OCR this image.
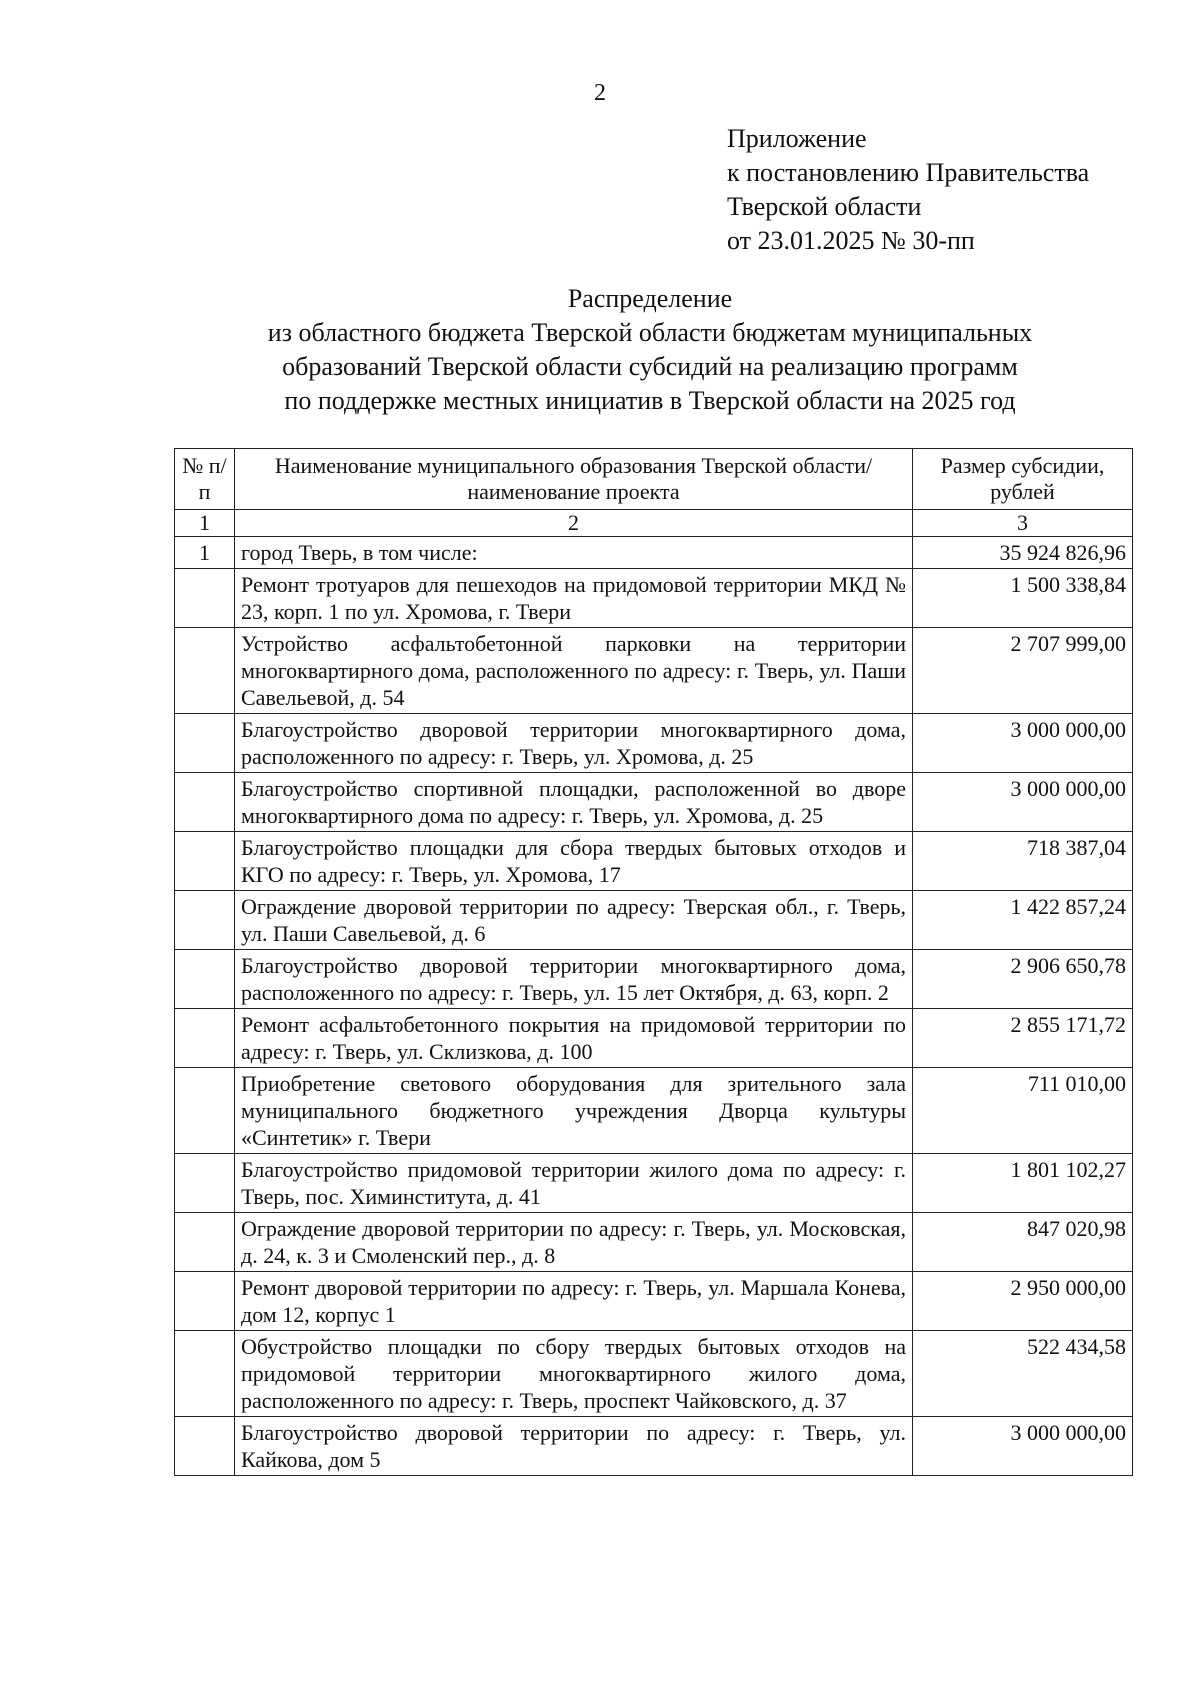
2
Приложение
к постановлению Правительства
Тверской области
от 23.01.2025 № 30-пп
Распределение
из областного бюджета Тверской области бюджетам муниципальных
образований Тверской области субсидий на реализацию программ
по поддержке местных инициатив в Тверской области на 2025 год
№ п/п	Наименование муниципального образования Тверской области/наименование проекта	Размер субсидии, рублей
1	2	3
1	город Тверь, в том числе:	35 924 826,96
	Ремонт тротуаров для пешеходов на придомовой территории МКД № 23, корп. 1 по ул. Хромова, г. Твери	1 500 338,84
	Устройство асфальтобетонной парковки на территории многоквартирного дома, расположенного по адресу: г. Тверь, ул. Паши Савельевой, д. 54	2 707 999,00
	Благоустройство дворовой территории многоквартирного дома, расположенного по адресу: г. Тверь, ул. Хромова, д. 25	3 000 000,00
	Благоустройство спортивной площадки, расположенной во дворе многоквартирного дома по адресу: г. Тверь, ул. Хромова, д. 25	3 000 000,00
	Благоустройство площадки для сбора твердых бытовых отходов и КГО по адресу: г. Тверь, ул. Хромова, 17	718 387,04
	Ограждение дворовой территории по адресу: Тверская обл., г. Тверь, ул. Паши Савельевой, д. 6	1 422 857,24
	Благоустройство дворовой территории многоквартирного дома, расположенного по адресу: г. Тверь, ул. 15 лет Октября, д. 63, корп. 2	2 906 650,78
	Ремонт асфальтобетонного покрытия на придомовой территории по адресу: г. Тверь, ул. Склизкова, д. 100	2 855 171,72
	Приобретение светового оборудования для зрительного зала муниципального бюджетного учреждения Дворца культуры «Синтетик» г. Твери	711 010,00
	Благоустройство придомовой территории жилого дома по адресу: г. Тверь, пос. Химинститута, д. 41	1 801 102,27
	Ограждение дворовой территории по адресу: г. Тверь, ул. Московская, д. 24, к. 3 и Смоленский пер., д. 8	847 020,98
	Ремонт дворовой территории по адресу: г. Тверь, ул. Маршала Конева, дом 12, корпус 1	2 950 000,00
	Обустройство площадки по сбору твердых бытовых отходов на придомовой территории многоквартирного жилого дома, расположенного по адресу: г. Тверь, проспект Чайковского, д. 37	522 434,58
	Благоустройство дворовой территории по адресу: г. Тверь, ул. Кайкова, дом 5	3 000 000,00
